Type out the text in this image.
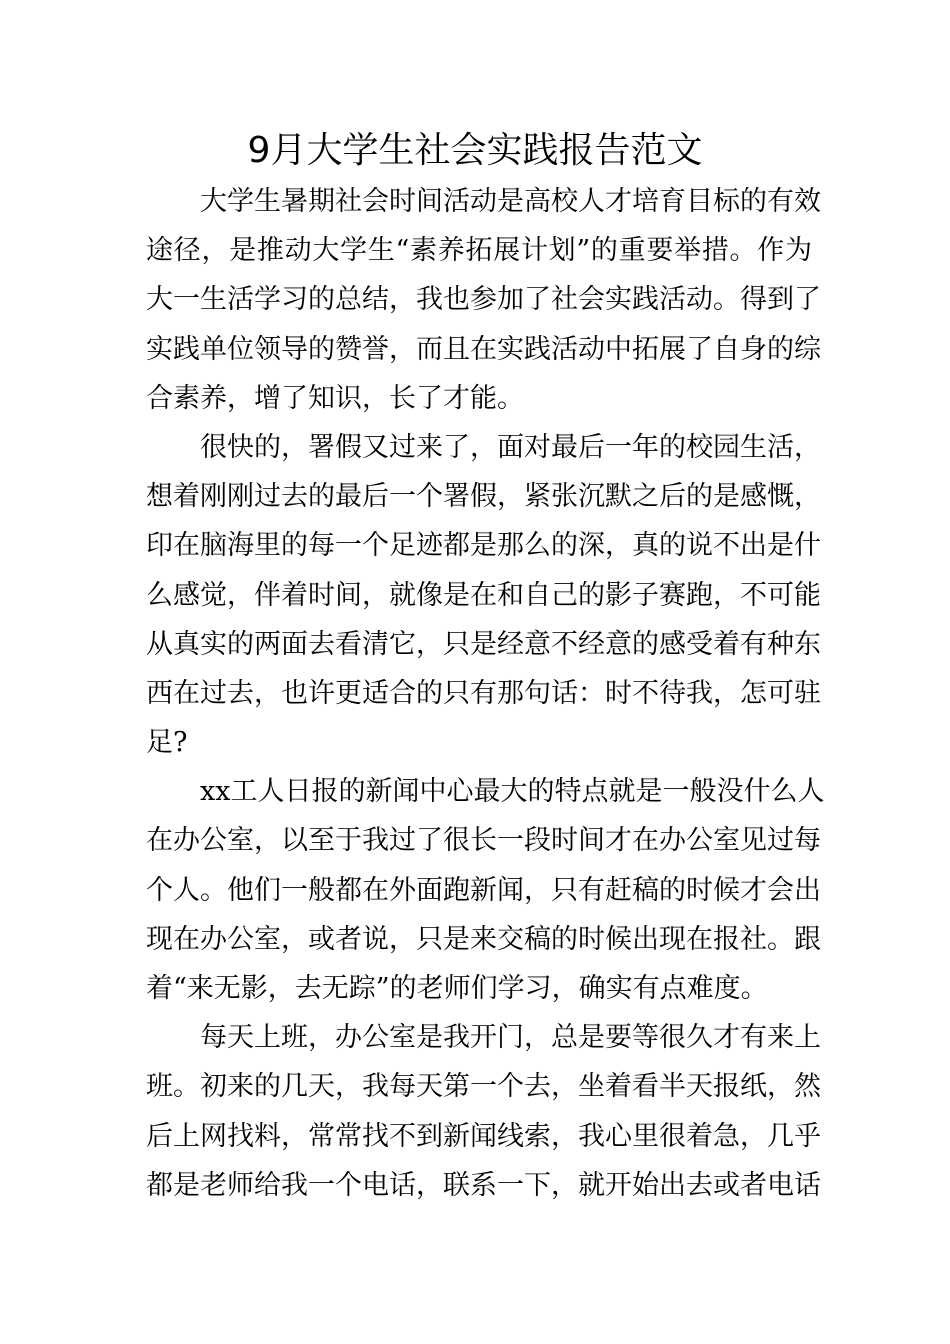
9月大学生社会实践报告范文
大学生暑期社会时间活动是高校人才培育目标的有效
途径，是推动大学生“素养拓展计划”的重要举措。作为
大一生活学习的总结，我也参加了社会实践活动。得到了
实践单位领导的赞誉，而且在实践活动中拓展了自身的综
合素养，增了知识，长了才能。
很快的，署假又过来了，面对最后一年的校园生活，
想着刚刚过去的最后一个署假，紧张沉默之后的是感慨，
印在脑海里的每一个足迹都是那么的深，真的说不出是什
么感觉，伴着时间，就像是在和自己的影子赛跑，不可能
从真实的两面去看清它，只是经意不经意的感受着有种东
西在过去，也许更适合的只有那句话：时不待我，怎可驻
足?
xx工人日报的新闻中心最大的特点就是一般没什么人
在办公室，以至于我过了很长一段时间才在办公室见过每
个人。他们一般都在外面跑新闻，只有赶稿的时候才会出
现在办公室，或者说，只是来交稿的时候出现在报社。跟
着“来无影，去无踪”的老师们学习，确实有点难度。
每天上班，办公室是我开门，总是要等很久才有来上
班。初来的几天，我每天第一个去，坐着看半天报纸，然
后上网找料，常常找不到新闻线索，我心里很着急，几乎
都是老师给我一个电话，联系一下，就开始出去或者电话
